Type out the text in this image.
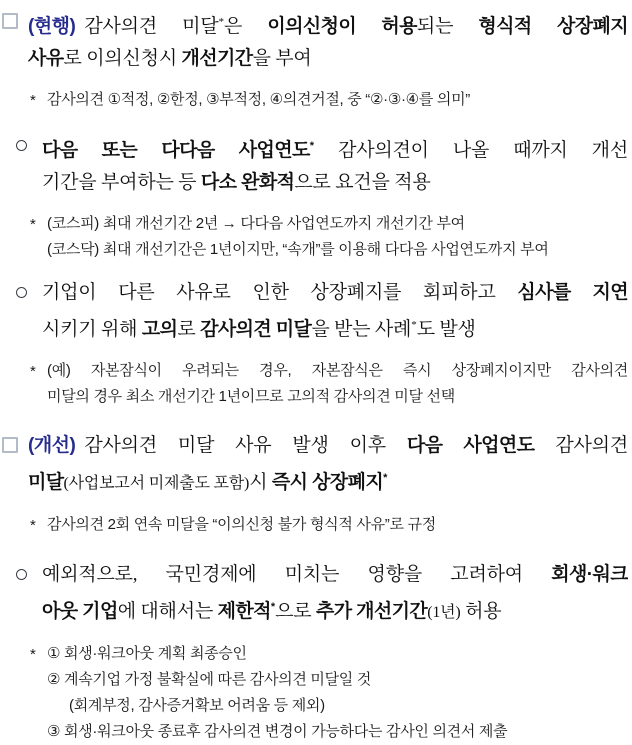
(현행) 감사의견 미달*은 이의신청이 허용되는 형식적 상장폐지
사유로 이의신청시 개선기간을 부여
* 감사의견 ①적정, ②한정, ③부적정, ④의견거절, 중 “②·③·④를 의미”
다음 또는 다다음 사업연도* 감사의견이 나올 때까지 개선
기간을 부여하는 등 다소 완화적으로 요건을 적용
* (코스피) 최대 개선기간 2년 → 다다음 사업연도까지 개선기간 부여
(코스닥) 최대 개선기간은 1년이지만, “속개”를 이용해 다다음 사업연도까지 부여
기업이 다른 사유로 인한 상장폐지를 회피하고 심사를 지연
시키기 위해 고의로 감사의견 미달을 받는 사례*도 발생
* (예) 자본잠식이 우려되는 경우, 자본잠식은 즉시 상장폐지이지만 감사의견
미달의 경우 최소 개선기간 1년이므로 고의적 감사의견 미달 선택
(개선) 감사의견 미달 사유 발생 이후 다음 사업연도 감사의견
미달(사업보고서 미제출도 포함)시 즉시 상장폐지*
* 감사의견 2회 연속 미달을 “이의신청 불가 형식적 사유”로 규정
예외적으로, 국민경제에 미치는 영향을 고려하여 회생·워크
아웃 기업에 대해서는 제한적*으로 추가 개선기간(1년) 허용
* ① 회생·워크아웃 계획 최종승인
② 계속기업 가정 불확실에 따른 감사의견 미달일 것
(회계부정, 감사증거확보 어려움 등 제외)
③ 회생·워크아웃 종료후 감사의견 변경이 가능하다는 감사인 의견서 제출
